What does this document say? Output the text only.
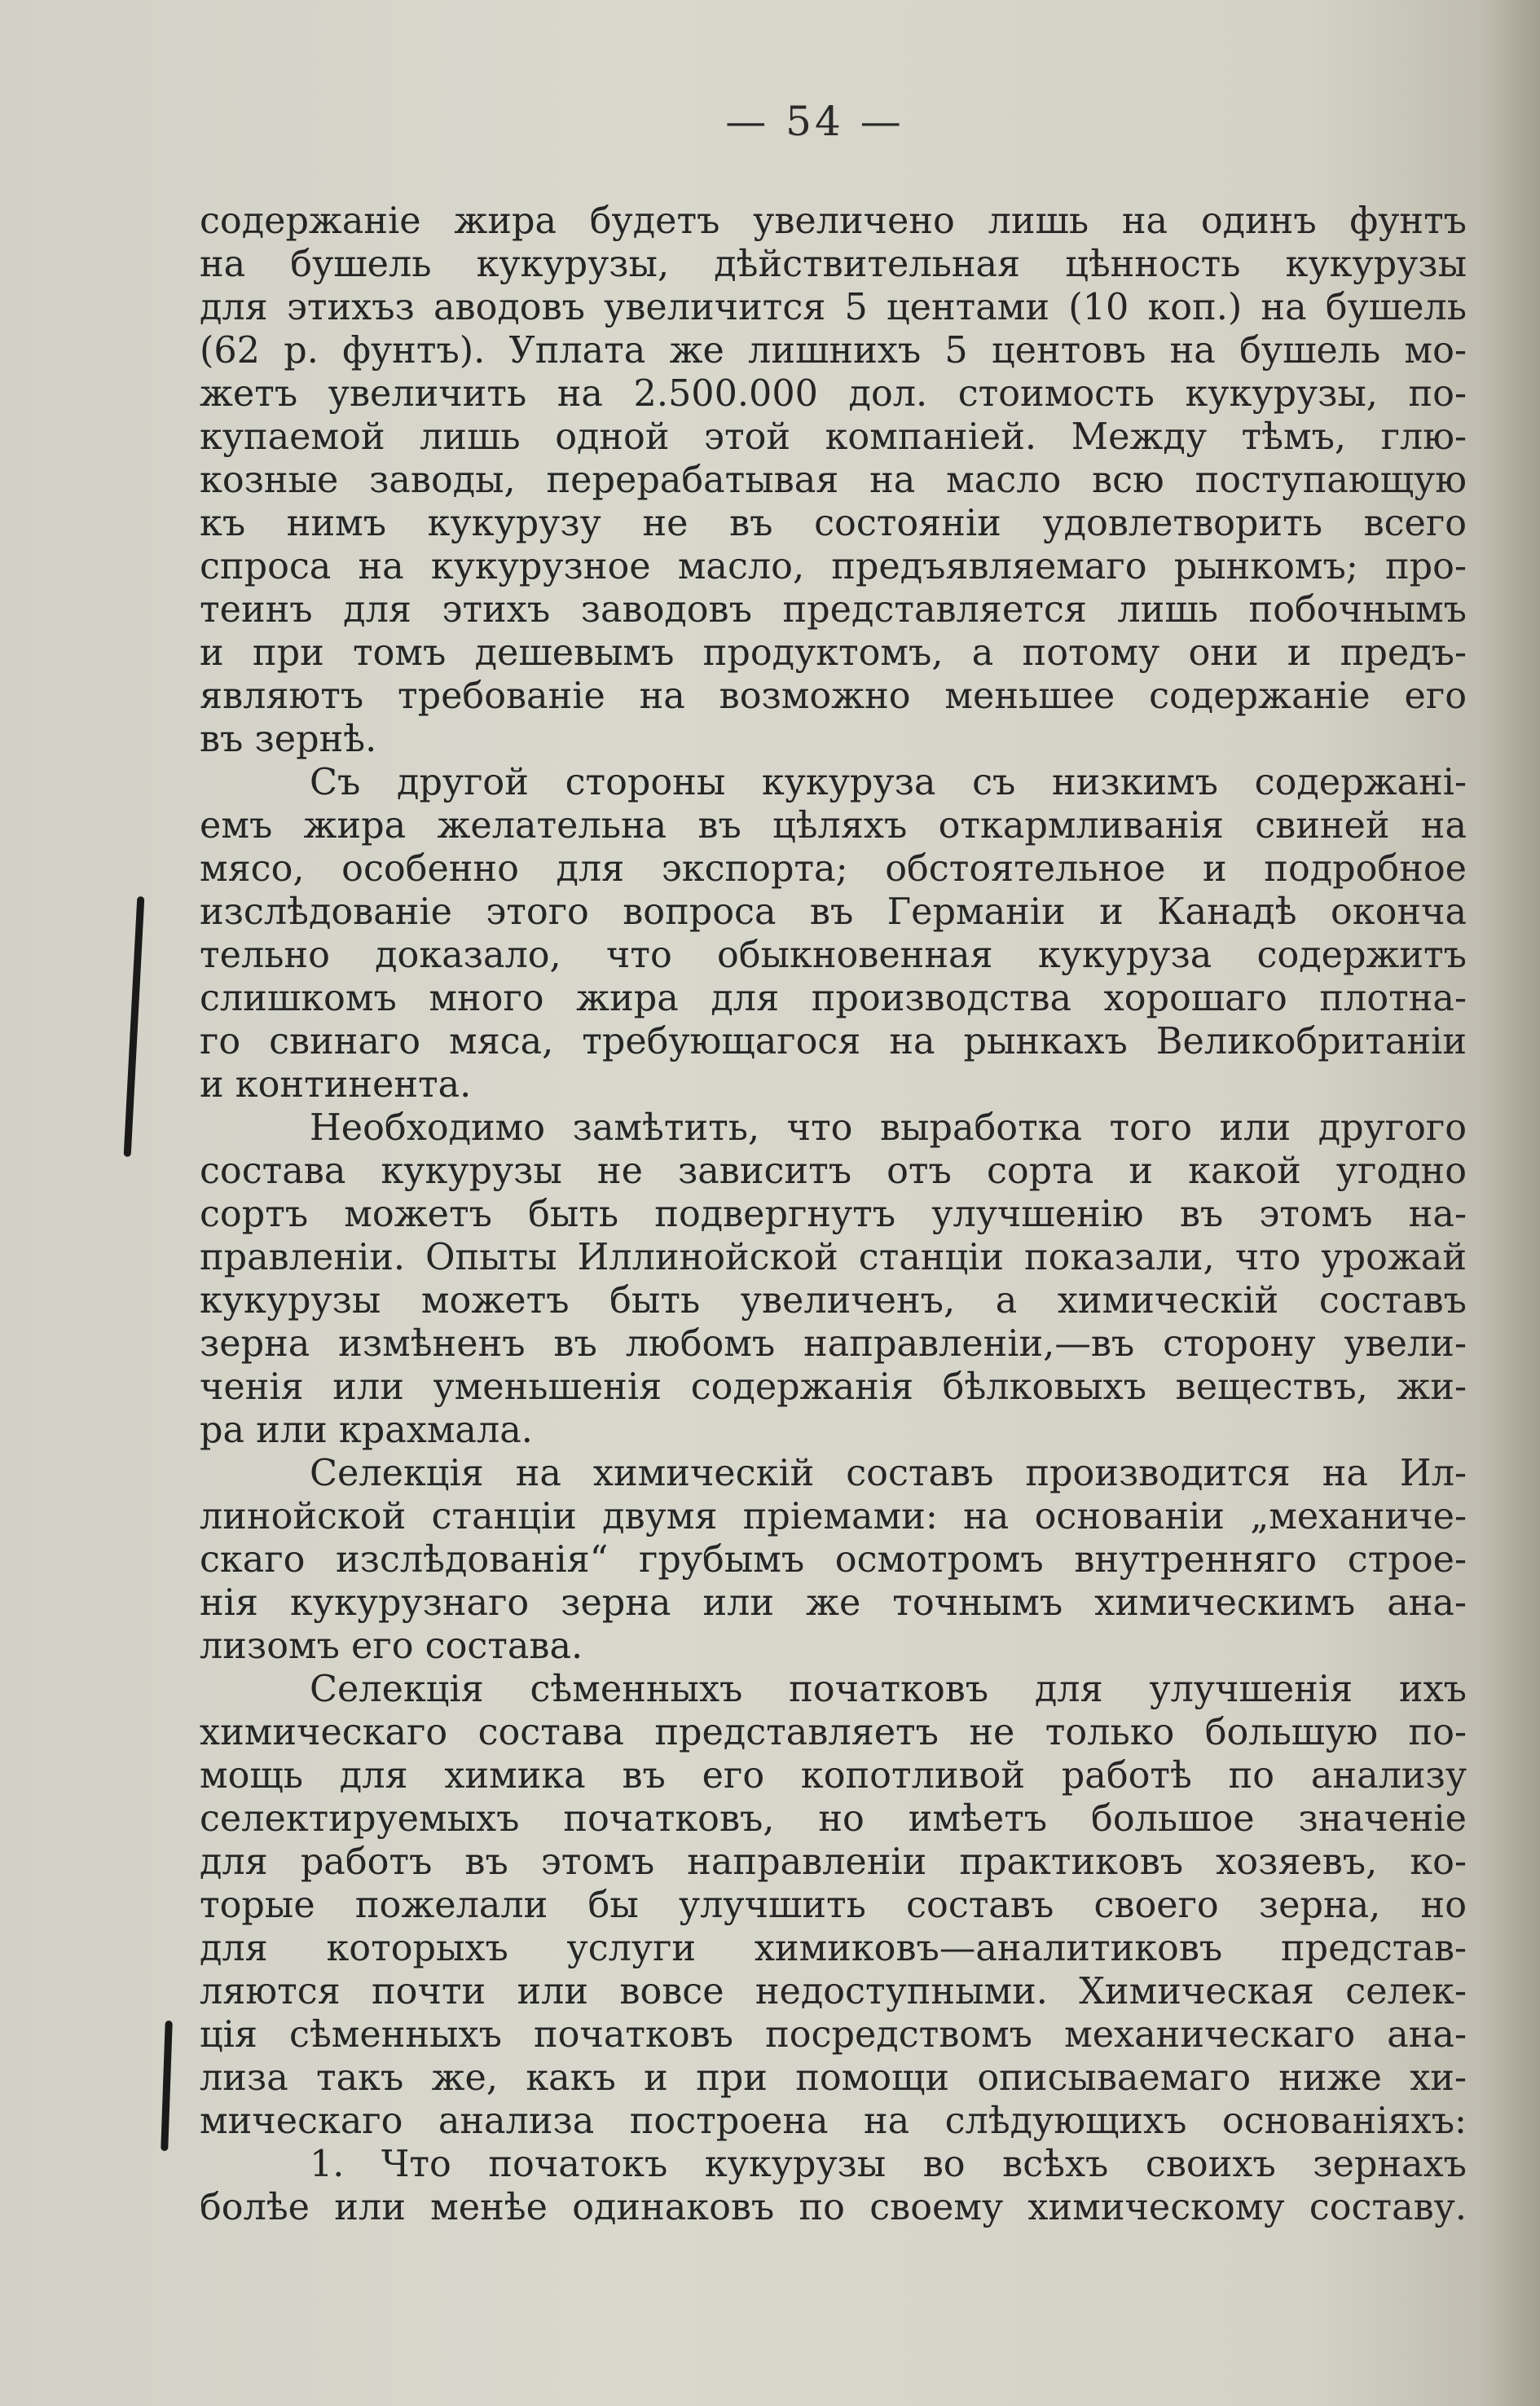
— 54 —
содержаніе жира будетъ увеличено лишь на одинъ фунтъ
на бушель кукурузы, дѣйствительная цѣнность кукурузы
для этихъз аводовъ увеличится 5 центами (10 коп.) на бушель
(62 р. фунтъ). Уплата же лишнихъ 5 центовъ на бушель мо-
жетъ увеличить на 2.500.000 дол. стоимость кукурузы, по-
купаемой лишь одной этой компаніей. Между тѣмъ, глю-
козные заводы, перерабатывая на масло всю поступающую
къ нимъ кукурузу не въ состояніи удовлетворить всего
спроса на кукурузное масло, предъявляемаго рынкомъ; про-
теинъ для этихъ заводовъ представляется лишь побочнымъ
и при томъ дешевымъ продуктомъ, а потому они и предъ-
являютъ требованіе на возможно меньшее содержаніе его
въ зернѣ.
Съ другой стороны кукуруза съ низкимъ содержані-
емъ жира желательна въ цѣляхъ откармливанія свиней на
мясо, особенно для экспорта; обстоятельное и подробное
изслѣдованіе этого вопроса въ Германіи и Канадѣ оконча
тельно доказало, что обыкновенная кукуруза содержитъ
слишкомъ много жира для производства хорошаго плотна-
го свинаго мяса, требующагося на рынкахъ Великобританіи
и континента.
Необходимо замѣтить, что выработка того или другого
состава кукурузы не зависитъ отъ сорта и какой угодно
сортъ можетъ быть подвергнутъ улучшенію въ этомъ на-
правленіи. Опыты Иллинойской станціи показали, что урожай
кукурузы можетъ быть увеличенъ, а химическій составъ
зерна измѣненъ въ любомъ направленіи,—въ сторону увели-
ченія или уменьшенія содержанія бѣлковыхъ веществъ, жи-
ра или крахмала.
Селекція на химическій составъ производится на Ил-
линойской станціи двумя пріемами: на основаніи „механиче-
скаго изслѣдованія“ грубымъ осмотромъ внутренняго строе-
нія кукурузнаго зерна или же точнымъ химическимъ ана-
лизомъ его состава.
Селекція сѣменныхъ початковъ для улучшенія ихъ
химическаго состава представляетъ не только большую по-
мощь для химика въ его копотливой работѣ по анализу
селектируемыхъ початковъ, но имѣетъ большое значеніе
для работъ въ этомъ направленіи практиковъ хозяевъ, ко-
торые пожелали бы улучшить составъ своего зерна, но
для которыхъ услуги химиковъ—аналитиковъ представ-
ляются почти или вовсе недоступными. Химическая селек-
ція сѣменныхъ початковъ посредствомъ механическаго ана-
лиза такъ же, какъ и при помощи описываемаго ниже хи-
мическаго анализа построена на слѣдующихъ основаніяхъ:
1. Что початокъ кукурузы во всѣхъ своихъ зернахъ
болѣе или менѣе одинаковъ по своему химическому составу.
